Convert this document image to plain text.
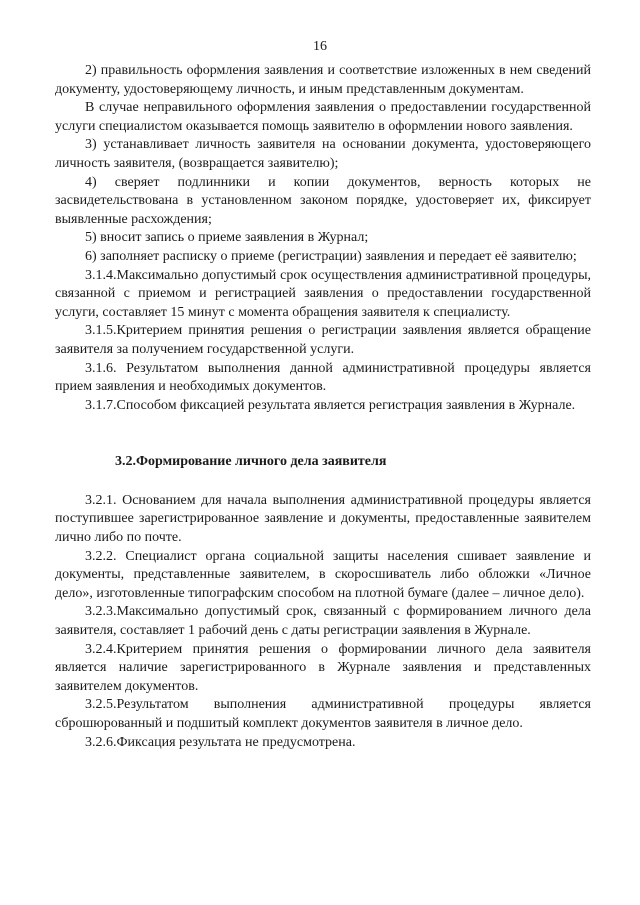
16

2) правильность оформления заявления и соответствие изложенных в нем сведений документу, удостоверяющему личность, и иным представленным документам.

В случае неправильного оформления заявления о предоставлении государственной услуги специалистом оказывается помощь заявителю в оформлении нового заявления.

3) устанавливает личность заявителя на основании документа, удостоверяющего личность заявителя, (возвращается заявителю);

4) сверяет подлинники и копии документов, верность которых не засвидетельствована в установленном законом порядке, удостоверяет их, фиксирует выявленные расхождения;

5) вносит запись о приеме заявления в Журнал;

6) заполняет расписку о приеме (регистрации) заявления и передает её заявителю;

3.1.4.Максимально допустимый срок осуществления административной процедуры, связанной с приемом и регистрацией заявления о предоставлении государственной услуги, составляет 15 минут с момента обращения заявителя к специалисту.

3.1.5.Критерием принятия решения о регистрации заявления является обращение заявителя за получением государственной услуги.

3.1.6. Результатом выполнения данной административной процедуры является прием заявления и необходимых документов.

3.1.7.Способом фиксацией результата является регистрация заявления в Журнале.

3.2.Формирование личного дела заявителя

3.2.1. Основанием для начала выполнения административной процедуры является поступившее зарегистрированное заявление и документы, предоставленные заявителем лично либо по почте.

3.2.2. Специалист органа социальной защиты населения сшивает заявление и документы, представленные заявителем, в скоросшиватель либо обложки «Личное дело», изготовленные типографским способом на плотной бумаге (далее – личное дело).

3.2.3.Максимально допустимый срок, связанный с формированием личного дела заявителя, составляет 1 рабочий день с даты регистрации заявления в Журнале.

3.2.4.Критерием принятия решения о формировании личного дела заявителя является наличие зарегистрированного в Журнале заявления и представленных заявителем документов.

3.2.5.Результатом выполнения административной процедуры является сброшюрованный и подшитый комплект документов заявителя в личное дело.

3.2.6.Фиксация результата не предусмотрена.
